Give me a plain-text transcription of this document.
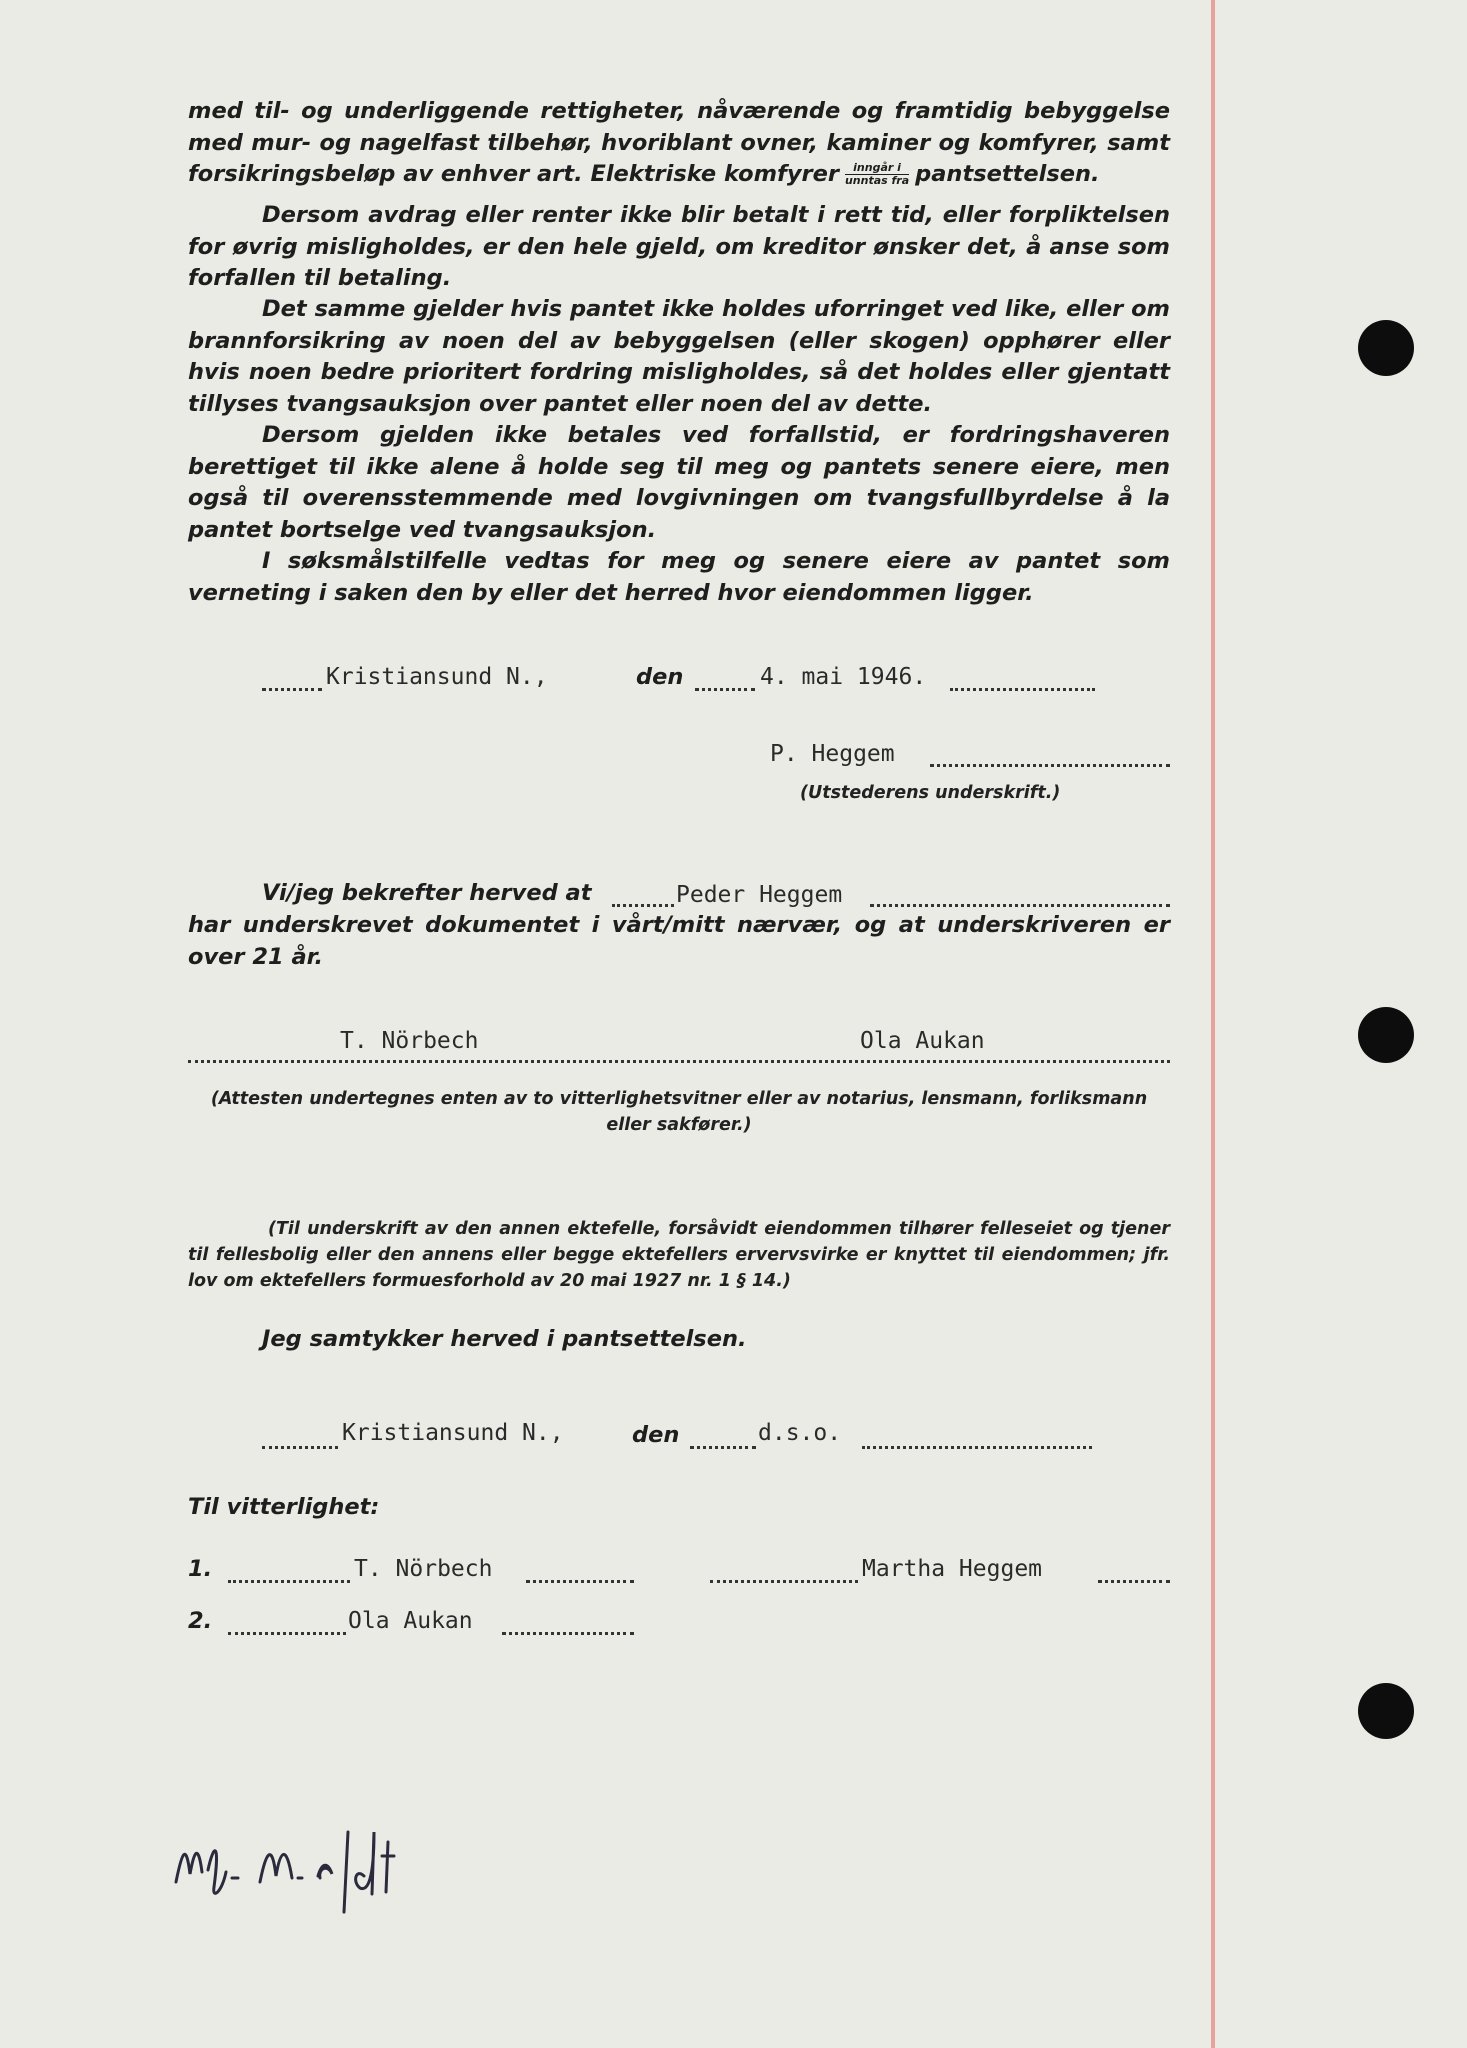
med til- og underliggende rettigheter, nåværende og framtidig bebyggelse med mur- og nagelfast tilbehør, hvoriblant ovner, kaminer og komfyrer, samt forsikringsbeløp av enhver art. Elektriske komfyrer $\frac{\text{inngår i}}{\text{unntas fra}}$ pantsettelsen.
Dersom avdrag eller renter ikke blir betalt i rett tid, eller forpliktelsen for øvrig misligholdes, er den hele gjeld, om kreditor ønsker det, å anse som forfallen til betaling.
Det samme gjelder hvis pantet ikke holdes uforringet ved like, eller om brannforsikring av noen del av bebyggelsen (eller skogen) opphører eller hvis noen bedre prioritert fordring misligholdes, så det holdes eller gjentatt tillyses tvangsauksjon over pantet eller noen del av dette.
Dersom gjelden ikke betales ved forfallstid, er fordringshaveren berettiget til ikke alene å holde seg til meg og pantets senere eiere, men også til overensstemmende med lovgivningen om tvangsfullbyrdelse å la pantet bortselge ved tvangsauksjon.
I søksmålstilfelle vedtas for meg og senere eiere av pantet som verneting i saken den by eller det herred hvor eiendommen ligger.
Kristiansund N.,	den	4. mai 1946.
P. Heggem
(Utstederens underskrift.)
Vi/jeg bekrefter herved at	Peder Heggem
har underskrevet dokumentet i vårt/mitt nærvær, og at underskriveren er over 21 år.
T. Nörbech	Ola Aukan
(Attesten undertegnes enten av to vitterlighetsvitner eller av notarius, lensmann, forliksmann eller sakfører.)
(Til underskrift av den annen ektefelle, forsåvidt eiendommen tilhører felleseiet og tjener til fellesbolig eller den annens eller begge ektefellers ervervsvirke er knyttet til eiendommen; jfr. lov om ektefellers formuesforhold av 20 mai 1927 nr. 1 § 14.)
Jeg samtykker herved i pantsettelsen.
Kristiansund N.,	den	d.s.o.
Til vitterlighet:
1.	T. Nörbech	Martha Heggem
2.	Ola Aukan
